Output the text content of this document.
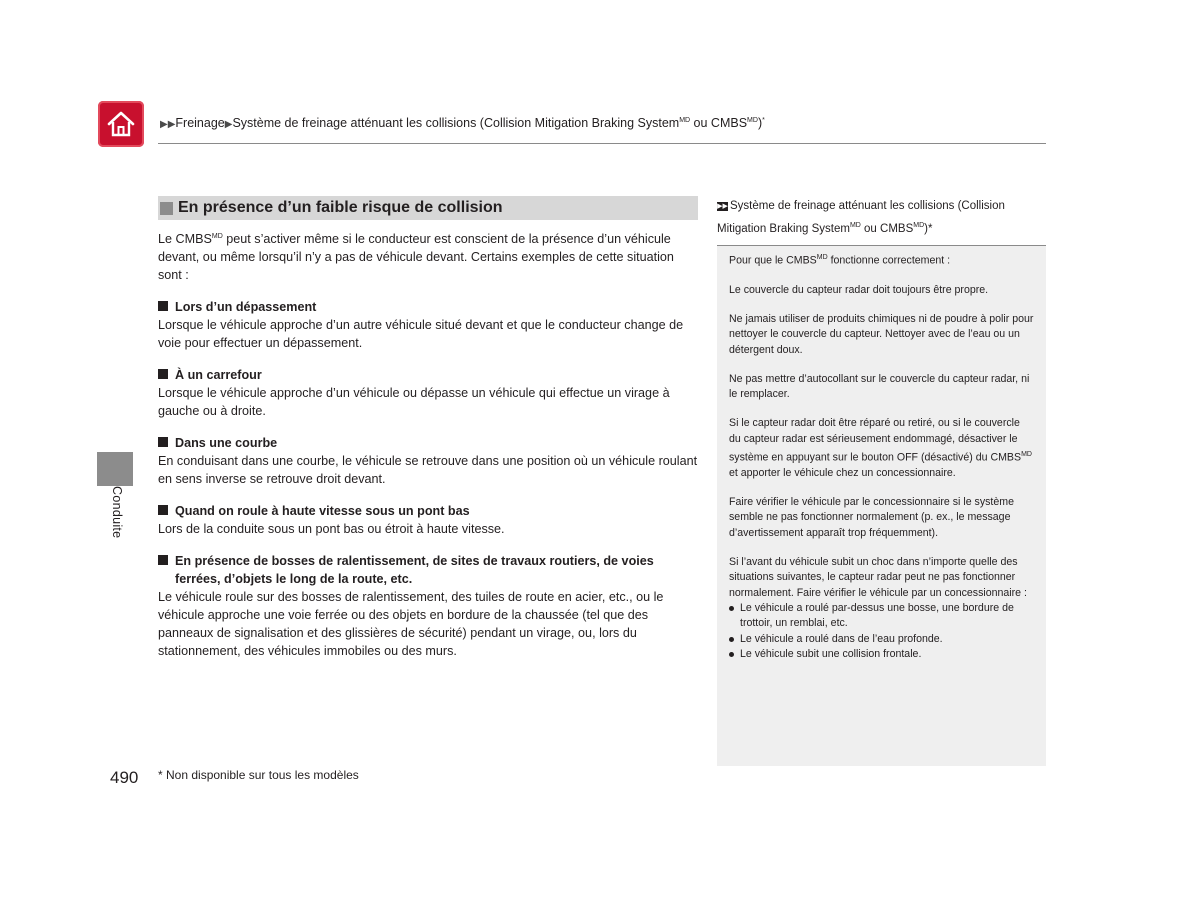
▶▶Freinage▶Système de freinage atténuant les collisions (Collision Mitigation Braking System$^{MD}$ ou $CMBS^{MD})^*$
Conduite
En présence d’un faible risque de collision

Le $CMBS^{MD}$ peut s’activer même si le conducteur est conscient de la présence d’un véhicule devant, ou même lorsqu’il n’y a pas de véhicule devant. Certains exemples de cette situation sont :

Lors d’un dépassement

Lorsque le véhicule approche d’un autre véhicule situé devant et que le conducteur change de voie pour effectuer un dépassement.

À un carrefour

Lorsque le véhicule approche d’un véhicule ou dépasse un véhicule qui effectue un virage à gauche ou à droite.

Dans une courbe

En conduisant dans une courbe, le véhicule se retrouve dans une position où un véhicule roulant en sens inverse se retrouve droit devant.

Quand on roule à haute vitesse sous un pont bas

Lors de la conduite sous un pont bas ou étroit à haute vitesse.

En présence de bosses de ralentissement, de sites de travaux routiers, de voies ferrées, d’objets le long de la route, etc.

Le véhicule roule sur des bosses de ralentissement, des tuiles de route en acier, etc., ou le véhicule approche une voie ferrée ou des objets en bordure de la chaussée (tel que des panneaux de signalisation et des glissières de sécurité) pendant un virage, ou, lors du stationnement, des véhicules immobiles ou des murs.

▶▶ Système de freinage atténuant les collisions (Collision Mitigation Braking System$^{MD}$ ou $CMBS^{MD})*$

Pour que le $CMBS^{MD}$ fonctionne correctement :

Le couvercle du capteur radar doit toujours être propre.

Ne jamais utiliser de produits chimiques ni de poudre à polir pour nettoyer le couvercle du capteur. Nettoyer avec de l’eau ou un détergent doux.

Ne pas mettre d’autocollant sur le couvercle du capteur radar, ni le remplacer.

Si le capteur radar doit être réparé ou retiré, ou si le couvercle du capteur radar est sérieusement endommagé, désactiver le système en appuyant sur le bouton OFF (désactivé) du $CMBS^{MD}$ et apporter le véhicule chez un concessionnaire.

Faire vérifier le véhicule par le concessionnaire si le système semble ne pas fonctionner normalement (p. ex., le message d’avertissement apparaît trop fréquemment).

Si l’avant du véhicule subit un choc dans n’importe quelle des situations suivantes, le capteur radar peut ne pas fonctionner normalement. Faire vérifier le véhicule par un concessionnaire :

Le véhicule a roulé par-dessus une bosse, une bordure de trottoir, un remblai, etc.
Le véhicule a roulé dans de l’eau profonde.
Le véhicule subit une collision frontale.
490 * Non disponible sur tous les modèles
